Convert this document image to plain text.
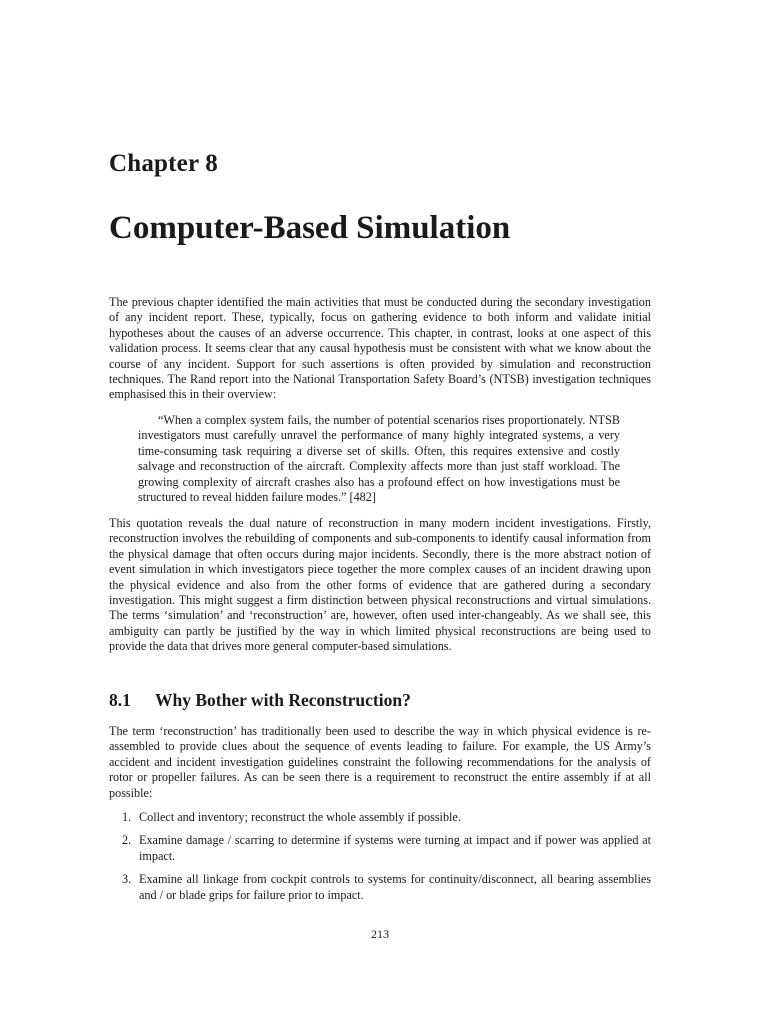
Chapter 8
Computer-Based Simulation

The previous chapter identified the main activities that must be conducted during the secondary investigation of any incident report. These, typically, focus on gathering evidence to both inform and validate initial hypotheses about the causes of an adverse occurrence. This chapter, in contrast, looks at one aspect of this validation process. It seems clear that any causal hypothesis must be consistent with what we know about the course of any incident. Support for such assertions is often provided by simulation and reconstruction techniques. The Rand report into the National Transportation Safety Board’s (NTSB) investigation techniques emphasised this in their overview:

“When a complex system fails, the number of potential scenarios rises proportionately. NTSB investigators must carefully unravel the performance of many highly integrated systems, a very time-consuming task requiring a diverse set of skills. Often, this requires extensive and costly salvage and reconstruction of the aircraft. Complexity affects more than just staff workload. The growing complexity of aircraft crashes also has a profound effect on how investigations must be structured to reveal hidden failure modes.” [482]

This quotation reveals the dual nature of reconstruction in many modern incident investigations. Firstly, reconstruction involves the rebuilding of components and sub-components to identify causal information from the physical damage that often occurs during major incidents. Secondly, there is the more abstract notion of event simulation in which investigators piece together the more complex causes of an incident drawing upon the physical evidence and also from the other forms of evidence that are gathered during a secondary investigation. This might suggest a firm distinction between physical reconstructions and virtual simulations. The terms ‘simulation’ and ‘reconstruction’ are, however, often used inter-changeably. As we shall see, this ambiguity can partly be justified by the way in which limited physical reconstructions are being used to provide the data that drives more general computer-based simulations.

8.1 Why Bother with Reconstruction?

The term ‘reconstruction’ has traditionally been used to describe the way in which physical evidence is re-assembled to provide clues about the sequence of events leading to failure. For example, the US Army’s accident and incident investigation guidelines constraint the following recommendations for the analysis of rotor or propeller failures. As can be seen there is a requirement to reconstruct the entire assembly if at all possible:

1. Collect and inventory; reconstruct the whole assembly if possible.
2. Examine damage / scarring to determine if systems were turning at impact and if power was applied at impact.
3. Examine all linkage from cockpit controls to systems for continuity/disconnect, all bearing assemblies and / or blade grips for failure prior to impact.
213
